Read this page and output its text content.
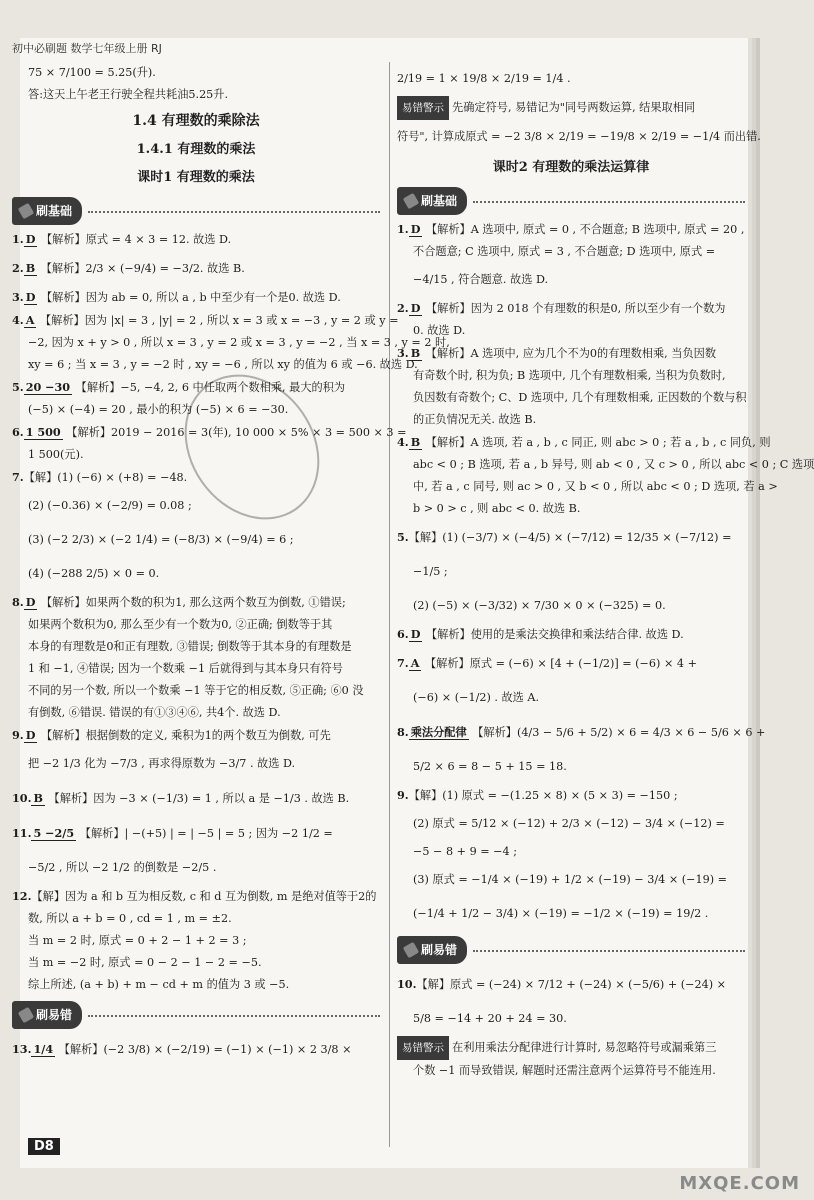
初中必刷题 数学七年级上册 RJ
75 × 7/100 = 5.25(升).
答:这天上午老王行驶全程共耗油5.25升.
1.4 有理数的乘除法
1.4.1 有理数的乘法
课时1 有理数的乘法
刷基础
1. D 【解析】原式 = 4 × 3 = 12. 故选 D.
2. B 【解析】2/3 × (−9/4) = −3/2. 故选 B.
3. D 【解析】因为 ab = 0, 所以 a , b 中至少有一个是0. 故选 D.
4. A 【解析】因为 |x| = 3 , |y| = 2 , 所以 x = 3 或 x = −3 , y = 2 或 y =
−2, 因为 x + y > 0 , 所以 x = 3 , y = 2 或 x = 3 , y = −2 , 当 x = 3 , y = 2 时,
xy = 6 ; 当 x = 3 , y = −2 时 , xy = −6 , 所以 xy 的值为 6 或 −6. 故选 D.
5. 20 −30 【解析】−5, −4, 2, 6 中任取两个数相乘, 最大的积为
(−5) × (−4) = 20 , 最小的积为 (−5) × 6 = −30.
6. 1 500 【解析】2019 − 2016 = 3(年), 10 000 × 5% × 3 = 500 × 3 =
1 500(元).
7.【解】(1) (−6) × (+8) = −48.
(2) (−0.36) × (−2/9) = 0.08 ;
(3) (−2 2/3) × (−2 1/4) = (−8/3) × (−9/4) = 6 ;
(4) (−288 2/5) × 0 = 0.
8. D 【解析】如果两个数的积为1, 那么这两个数互为倒数, ①错误;
如果两个数积为0, 那么至少有一个数为0, ②正确; 倒数等于其
本身的有理数是0和正有理数, ③错误; 倒数等于其本身的有理数是
1 和 −1, ④错误; 因为一个数乘 −1 后就得到与其本身只有符号
不同的另一个数, 所以一个数乘 −1 等于它的相反数, ⑤正确; ⑥0 没
有倒数, ⑥错误. 错误的有①③④⑥, 共4个. 故选 D.
9. D 【解析】根据倒数的定义, 乘积为1的两个数互为倒数, 可先
把 −2 1/3 化为 −7/3 , 再求得原数为 −3/7 . 故选 D.
10. B 【解析】因为 −3 × (−1/3) = 1 , 所以 a 是 −1/3 . 故选 B.
11. 5 −2/5 【解析】| −(+5) | = | −5 | = 5 ; 因为 −2 1/2 =
−5/2 , 所以 −2 1/2 的倒数是 −2/5 .
12.【解】因为 a 和 b 互为相反数, c 和 d 互为倒数, m 是绝对值等于2的
数, 所以 a + b = 0 , cd = 1 , m = ±2.
当 m = 2 时, 原式 = 0 + 2 − 1 + 2 = 3 ;
当 m = −2 时, 原式 = 0 − 2 − 1 − 2 = −5.
综上所述, (a + b) + m − cd + m 的值为 3 或 −5.
刷易错
13. 1/4 【解析】(−2 3/8) × (−2/19) = (−1) × (−1) × 2 3/8 ×
2/19 = 1 × 19/8 × 2/19 = 1/4 .
易错警示 先确定符号, 易错记为"同号两数运算, 结果取相同
符号", 计算成原式 = −2 3/8 × 2/19 = −19/8 × 2/19 = −1/4 而出错.
课时2 有理数的乘法运算律
刷基础
1. D 【解析】A 选项中, 原式 = 0 , 不合题意; B 选项中, 原式 = 20 ,
不合题意; C 选项中, 原式 = 3 , 不合题意; D 选项中, 原式 =
−4/15 , 符合题意. 故选 D.
2. D 【解析】因为 2 018 个有理数的积是0, 所以至少有一个数为
0. 故选 D.
3. B 【解析】A 选项中, 应为几个不为0的有理数相乘, 当负因数
有奇数个时, 积为负; B 选项中, 几个有理数相乘, 当积为负数时,
负因数有奇数个; C、D 选项中, 几个有理数相乘, 正因数的个数与积
的正负情况无关. 故选 B.
4. B 【解析】A 选项, 若 a , b , c 同正, 则 abc > 0 ; 若 a , b , c 同负, 则
abc < 0 ; B 选项, 若 a , b 异号, 则 ab < 0 , 又 c > 0 , 所以 abc < 0 ; C 选项
中, 若 a , c 同号, 则 ac > 0 , 又 b < 0 , 所以 abc < 0 ; D 选项, 若 a >
b > 0 > c , 则 abc < 0. 故选 B.
5.【解】(1) (−3/7) × (−4/5) × (−7/12) = 12/35 × (−7/12) =
−1/5 ;
(2) (−5) × (−3/32) × 7/30 × 0 × (−325) = 0.
6. D 【解析】使用的是乘法交换律和乘法结合律. 故选 D.
7. A 【解析】原式 = (−6) × [4 + (−1/2)] = (−6) × 4 +
(−6) × (−1/2) . 故选 A.
8. 乘法分配律 【解析】(4/3 − 5/6 + 5/2) × 6 = 4/3 × 6 − 5/6 × 6 +
5/2 × 6 = 8 − 5 + 15 = 18.
9.【解】(1) 原式 = −(1.25 × 8) × (5 × 3) = −150 ;
(2) 原式 = 5/12 × (−12) + 2/3 × (−12) − 3/4 × (−12) =
−5 − 8 + 9 = −4 ;
(3) 原式 = −1/4 × (−19) + 1/2 × (−19) − 3/4 × (−19) =
(−1/4 + 1/2 − 3/4) × (−19) = −1/2 × (−19) = 19/2 .
刷易错
10.【解】原式 = (−24) × 7/12 + (−24) × (−5/6) + (−24) ×
5/8 = −14 + 20 + 24 = 30.
易错警示 在利用乘法分配律进行计算时, 易忽略符号或漏乘第三
个数 −1 而导致错误, 解题时还需注意两个运算符号不能连用.
D8
MXQE.COM
